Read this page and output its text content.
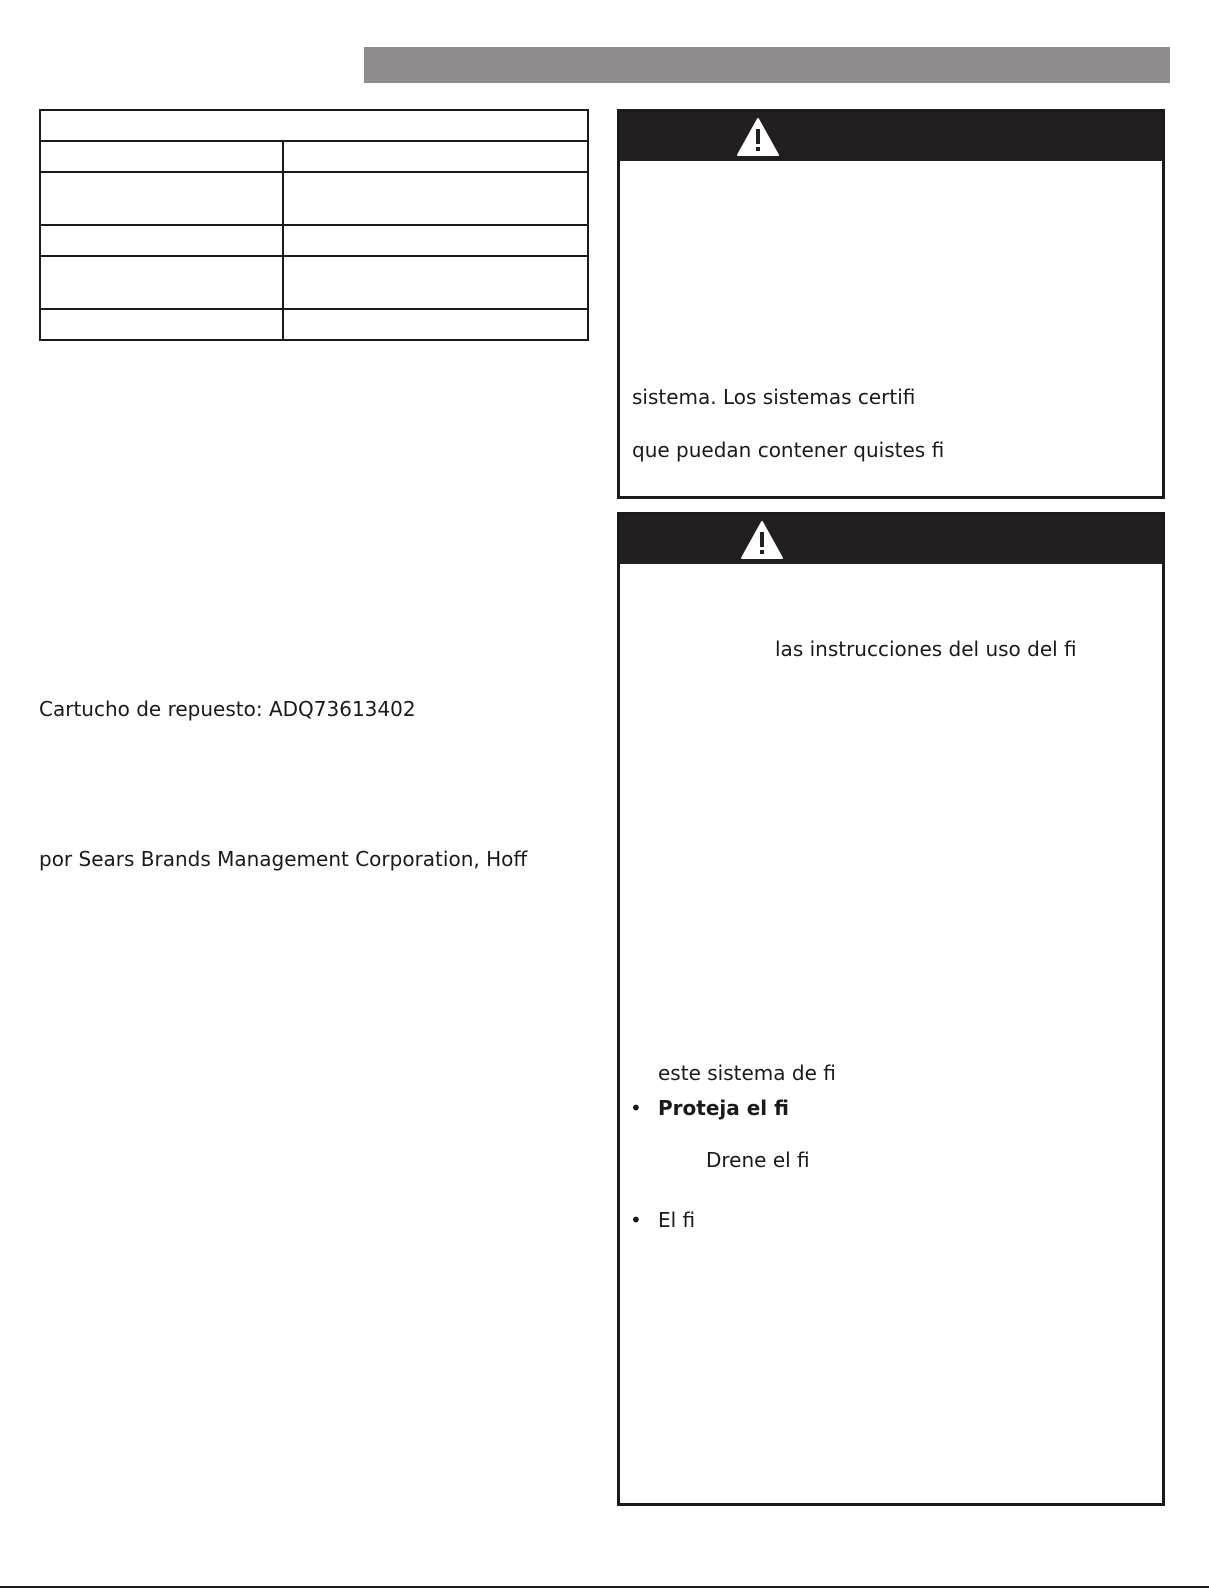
Cartucho de repuesto: ADQ73613402
por Sears Brands Management Corporation, Hoff
sistema. Los sistemas certifi
que puedan contener quistes fi
las instrucciones del uso del fi
este sistema de fi
• Proteja el fi
Drene el fi
• El fi
